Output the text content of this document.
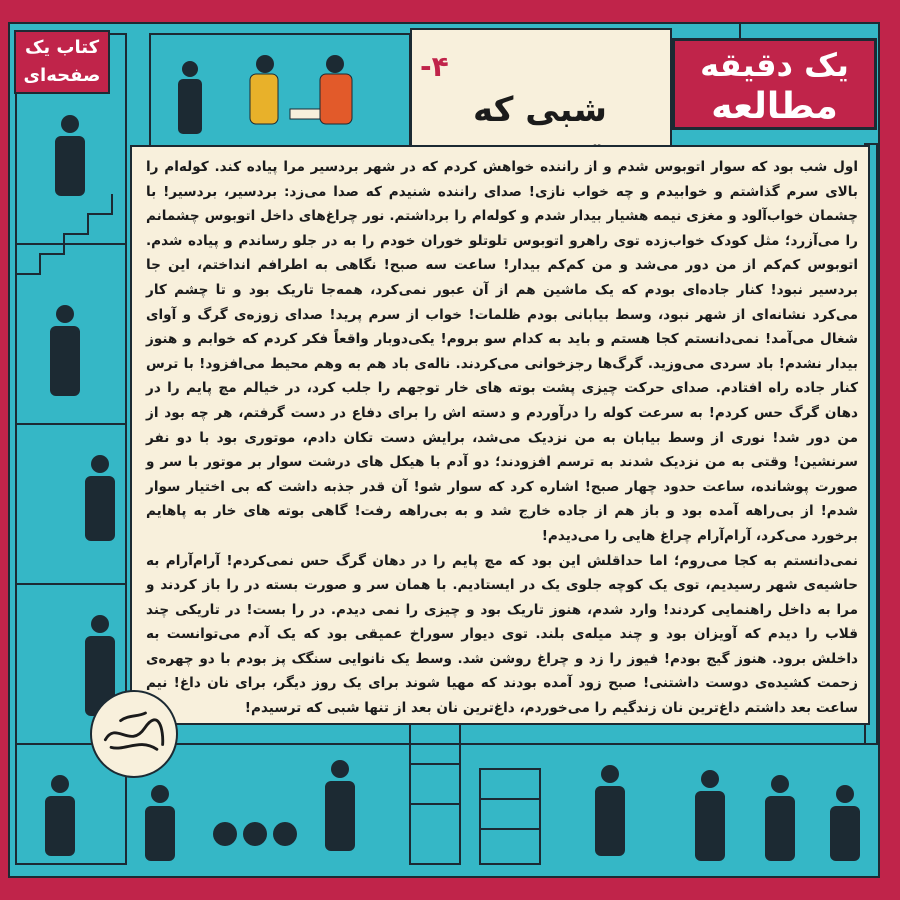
کتاب یک
صفحه‌ای	یک دقیقه
مطالعه
۴-
شبی که

اول شب بود که سوار اتوبوس شدم و از راننده خواهش کردم که در شهر بردسیر مرا پیاده کند. کوله‌ام را بالای سرم گذاشتم و خوابیدم و چه خواب نازی! صدای راننده شنیدم که صدا می‌زد: بردسیر، بردسیر! با چشمان خواب‌آلود و مغزی نیمه هشیار بیدار شدم و کوله‌ام را برداشتم. نور چراغ‌های داخل اتوبوس چشمانم را می‌آزرد؛ مثل کودک خواب‌زده توی راهرو اتوبوس تلوتلو خوران خودم را به در جلو رساندم و پیاده شدم. اتوبوس کم‌کم از من دور می‌شد و من کم‌کم بیدار! ساعت سه صبح! نگاهی به اطرافم انداختم، این جا بردسیر نبود! کنار جاده‌ای بودم که یک ماشین هم از آن عبور نمی‌کرد، همه‌جا تاریک بود و تا چشم کار می‌کرد نشانه‌ای از شهر نبود، وسط بیابانی بودم ظلمات! خواب از سرم پرید! صدای زوزه‌ی گرگ و آوای شغال می‌آمد! نمی‌دانستم کجا هستم و باید به کدام سو بروم! یکی‌دوبار واقعاً فکر کردم که خوابم و هنوز بیدار نشدم! باد سردی می‌وزید. گرگ‌ها رجزخوانی می‌کردند. ناله‌ی باد هم به وهم محیط می‌افزود! با ترس کنار جاده راه افتادم. صدای حرکت چیزی پشت بوته های خار توجهم را جلب کرد، در خیالم مچ پایم را در دهان گرگ حس کردم! به سرعت کوله را درآوردم و دسته اش را برای دفاع در دست گرفتم، هر چه بود از من دور شد! نوری از وسط بیابان به من نزدیک می‌شد، برایش دست تکان دادم، موتوری بود با دو نفر سرنشین! وقتی به من نزدیک شدند به ترسم افزودند؛ دو آدم با هیکل های درشت سوار بر موتور با سر و صورت پوشانده، ساعت حدود چهار صبح! اشاره کرد که سوار شو! آن قدر جذبه داشت که بی اختیار سوار شدم! از بی‌راهه آمده بود و باز هم از جاده خارج شد و به بی‌راهه رفت! گاهی بوته های خار به پاهایم برخورد می‌کرد، آرام‌آرام چراغ هایی را می‌دیدم!

نمی‌دانستم به کجا می‌روم؛ اما حداقلش این بود که مچ پایم را در دهان گرگ حس نمی‌کردم! آرام‌آرام به حاشیه‌ی شهر رسیدیم، توی یک کوچه جلوی یک در ایستادیم. با همان سر و صورت بسته در را باز کردند و مرا به داخل راهنمایی کردند! وارد شدم، هنوز تاریک بود و چیزی را نمی دیدم. در را بست! در تاریکی چند قلاب را دیدم که آویزان بود و چند میله‌ی بلند. توی دیوار سوراخ عمیقی بود که یک آدم می‌توانست به داخلش برود. هنوز گیج بودم! فیوز را زد و چراغ روشن شد. وسط یک نانوایی سنگک پز بودم با دو چهره‌ی زحمت کشیده‌ی دوست داشتنی! صبح زود آمده بودند که مهیا شوند برای یک روز دیگر، برای نان داغ! نیم ساعت بعد داشتم داغ‌ترین نان زندگیم را می‌خوردم، داغ‌ترین نان بعد از تنها شبی که ترسیدم!
